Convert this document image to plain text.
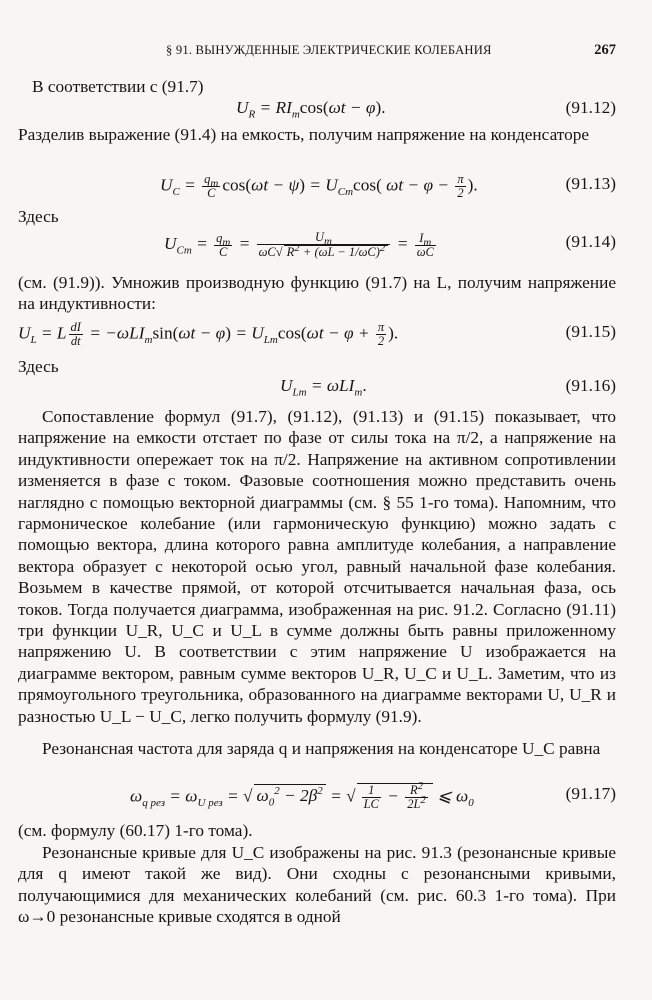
§ 91. ВЫНУЖДЕННЫЕ ЭЛЕКТРИЧЕСКИЕ КОЛЕБАНИЯ	267

В соответствии с (91.7)

$U_R = RI_m\cos(\omega t - \varphi)$.	(91.12)

Разделив выражение (91.4) на емкость, получим напряжение на конденсаторе

$U_C = \frac{q_m}{C} \cos(\omega t - \psi) = U_{Cm}\cos$( $\omega t - \varphi - \frac{\pi}{2}$ ).	(91.13)

Здесь

$U_{Cm} = \frac{q_m}{C} = \frac{U_m}{\omega C√ R^2 + (\omega L - 1/\omega C)^2} = \frac{I_m}{\omega C}$	(91.14)

(см. (91.9)). Умножив производную функцию (91.7) на L, получим напряжение на индуктивности:

$U_L = L \frac{dI}{dt} = -\omega LI_m\sin(\omega t - \varphi) = U_{Lm}\cos(\omega t - \varphi + \frac{\pi}{2}$ ).	(91.15)

Здесь

$U_{Lm} = \omega LI_m$.	(91.16)

Сопоставление формул (91.7), (91.12), (91.13) и (91.15) показывает, что напряжение на емкости отстает по фазе от силы тока на π/2, а напряжение на индуктивности опережает ток на π/2. Напряжение на активном сопротивлении изменяется в фазе с током. Фазовые соотношения можно представить очень наглядно с помощью векторной диаграммы (см. § 55 1-го тома). Напомним, что гармоническое колебание (или гармоническую функцию) можно задать с помощью вектора, длина которого равна амплитуде колебания, а направление вектора образует с некоторой осью угол, равный начальной фазе колебания. Возьмем в качестве прямой, от которой отсчитывается начальная фаза, ось токов. Тогда получается диаграмма, изображенная на рис. 91.2. Согласно (91.11) три функции U_R, U_C и U_L в сумме должны быть равны приложенному напряжению U. В соответствии с этим напряжение U изображается на диаграмме вектором, равным сумме векторов U_R, U_C и U_L. Заметим, что из прямоугольного треугольника, образованного на диаграмме векторами U, U_R и разностью U_L − U_C, легко получить формулу (91.9).

Резонансная частота для заряда q и напряжения на конденсаторе U_C равна

$\omega_{q рез} = \omega_{U рез}$ = √ $\omega_0^2 - 2\beta^2$ = √ $\frac{1}{LC} - \frac{R^2}{2L^2}$ ⩽ $\omega_0$	(91.17)

(см. формулу (60.17) 1-го тома).

Резонансные кривые для U_C изображены на рис. 91.3 (резонансные кривые для q имеют такой же вид). Они сходны с резонансными кривыми, получающимися для механических колебаний (см. рис. 60.3 1-го тома). При ω→0 резонансные кривые сходятся в одной
